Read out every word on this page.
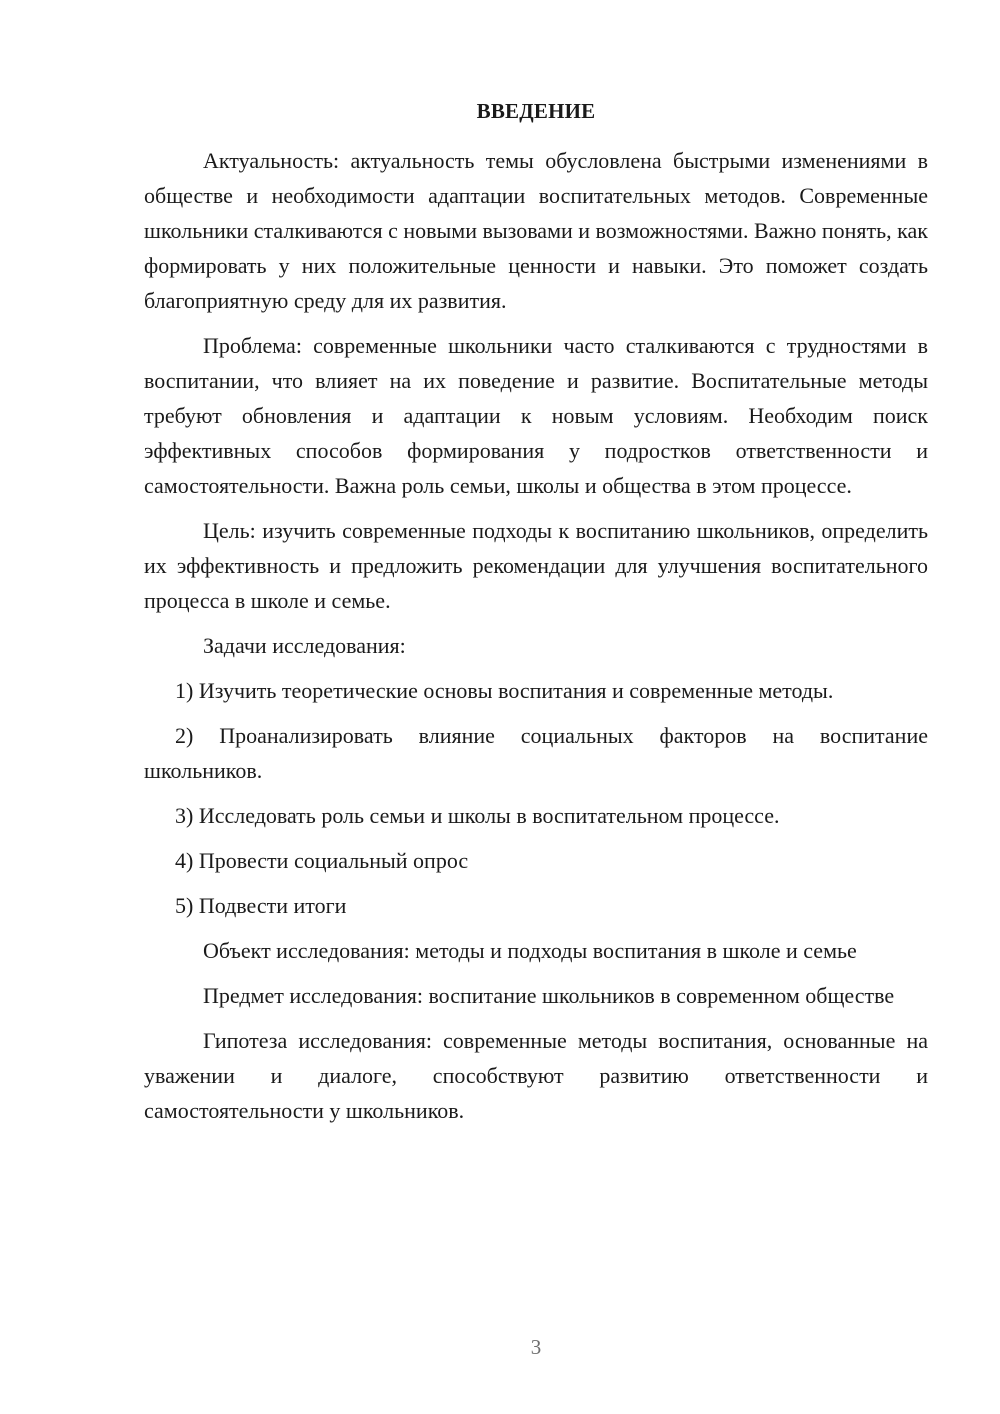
ВВЕДЕНИЕ

Актуальность: актуальность темы обусловлена быстрыми изменениями в обществе и необходимости адаптации воспитательных методов. Современные школьники сталкиваются с новыми вызовами и возможностями. Важно понять, как формировать у них положительные ценности и навыки. Это поможет создать благоприятную среду для их развития.

Проблема: современные школьники часто сталкиваются с трудностями в воспитании, что влияет на их поведение и развитие. Воспитательные методы требуют обновления и адаптации к новым условиям. Необходим поиск эффективных способов формирования у подростков ответственности и самостоятельности. Важна роль семьи, школы и общества в этом процессе.

Цель: изучить современные подходы к воспитанию школьников, определить их эффективность и предложить рекомендации для улучшения воспитательного процесса в школе и семье.

Задачи исследования:

1) Изучить теоретические основы воспитания и современные методы.

2) Проанализировать влияние социальных факторов на воспитание школьников.

3) Исследовать роль семьи и школы в воспитательном процессе.

4) Провести социальный опрос

5) Подвести итоги

Объект исследования: методы и подходы воспитания в школе и семье

Предмет исследования: воспитание школьников в современном обществе

Гипотеза исследования: современные методы воспитания, основанные на уважении и диалоге, способствуют развитию ответственности и самостоятельности у школьников.

3
